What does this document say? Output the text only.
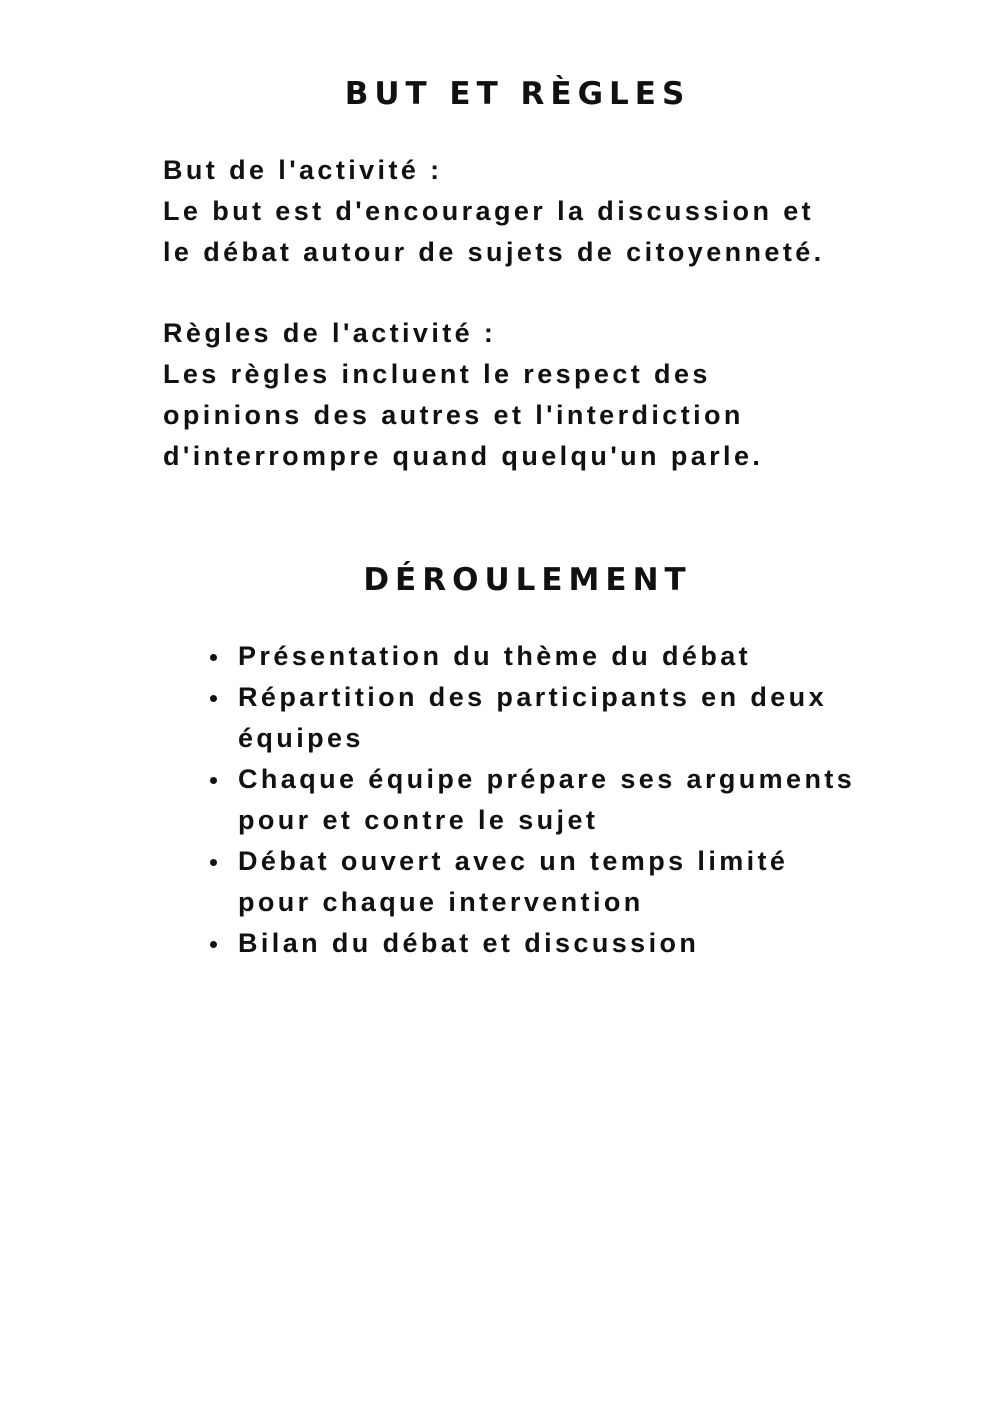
BUT ET RÈGLES

But de l'activité :

Le but est d'encourager la discussion et

le débat autour de sujets de citoyenneté.

Règles de l'activité :

Les règles incluent le respect des

opinions des autres et l'interdiction

d'interrompre quand quelqu'un parle.

DÉROULEMENT
Présentation du thème du débat
Répartition des participants en deux
équipes
Chaque équipe prépare ses arguments
pour et contre le sujet
Débat ouvert avec un temps limité
pour chaque intervention
Bilan du débat et discussion
